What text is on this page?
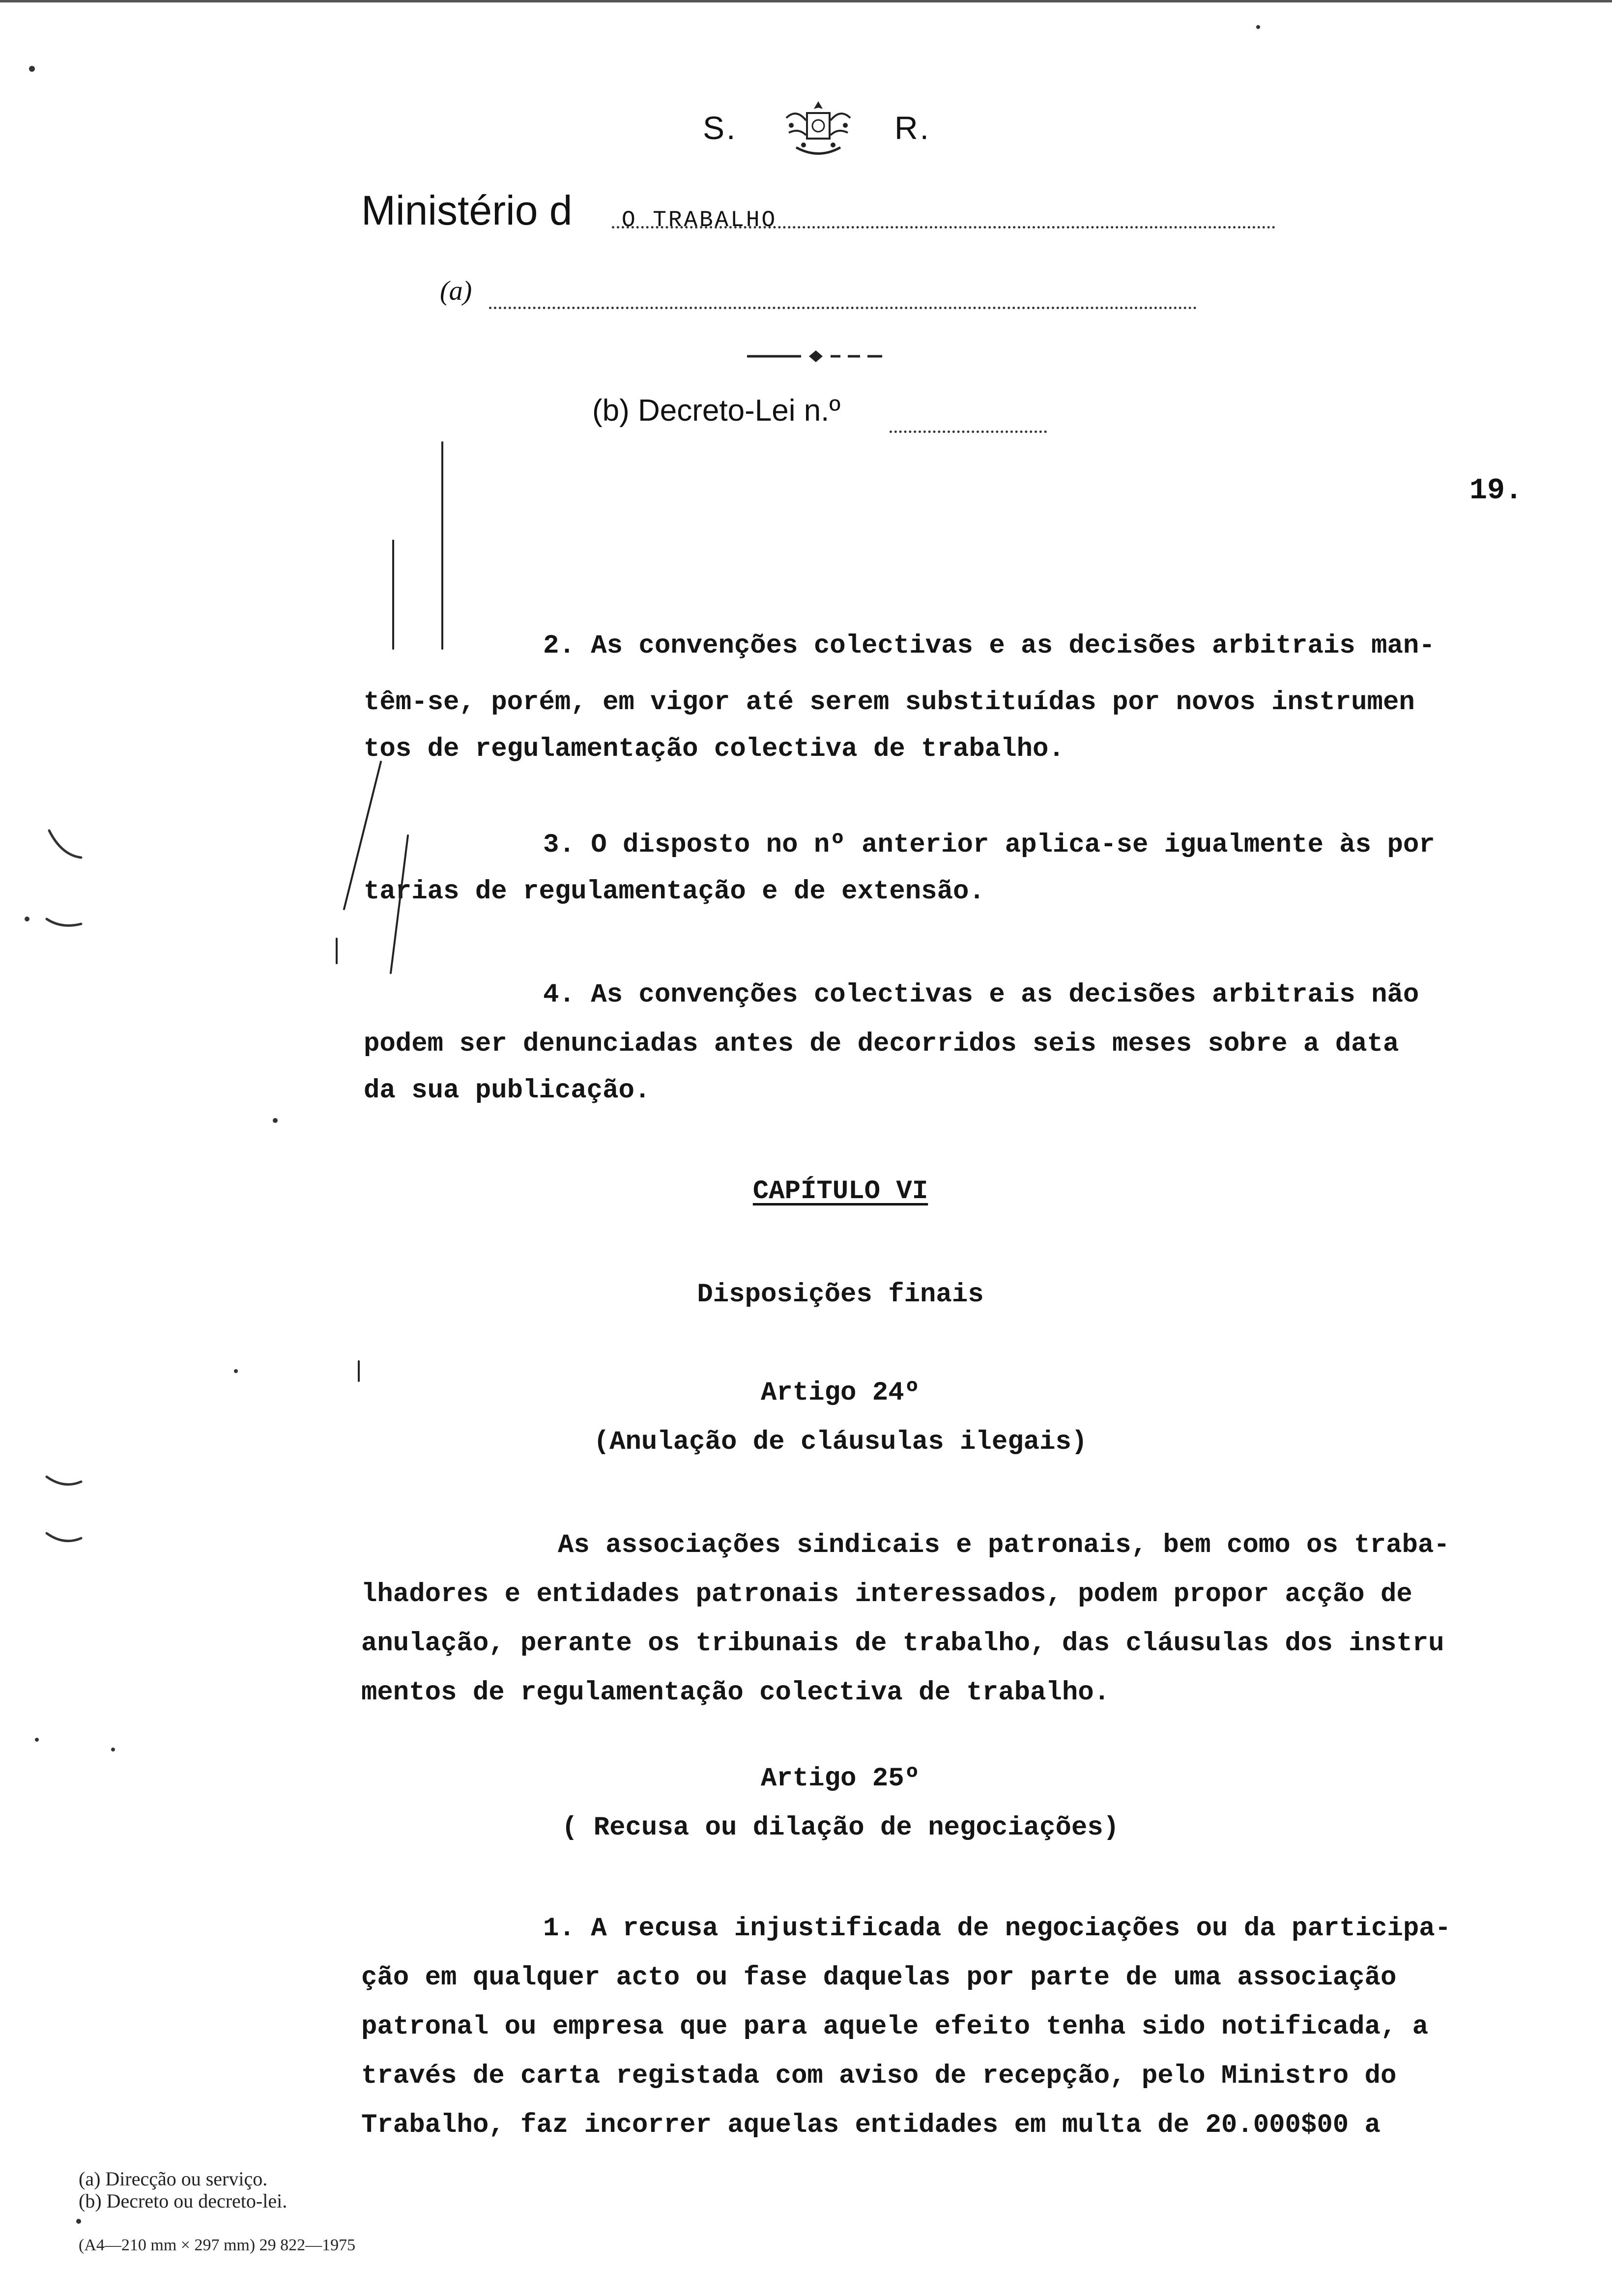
S.	R.
Ministério d O TRABALHO
(a)
(b) Decreto-Lei n.º
19.
2. As convenções colectivas e as decisões arbitrais man-
têm-se, porém, em vigor até serem substituídas por novos instrumen
tos de regulamentação colectiva de trabalho.
3. O disposto no nº anterior aplica-se igualmente às por
tarias de regulamentação e de extensão.
4. As convenções colectivas e as decisões arbitrais não
podem ser denunciadas antes de decorridos seis meses sobre a data
da sua publicação.
CAPÍTULO VI
Disposições finais
Artigo 24º
(Anulação de cláusulas ilegais)
As associações sindicais e patronais, bem como os traba-
lhadores e entidades patronais interessados, podem propor acção de
anulação, perante os tribunais de trabalho, das cláusulas dos instru
mentos de regulamentação colectiva de trabalho.
Artigo 25º
( Recusa ou dilação de negociações)
1. A recusa injustificada de negociações ou da participa-
ção em qualquer acto ou fase daquelas por parte de uma associação
patronal ou empresa que para aquele efeito tenha sido notificada, a
través de carta registada com aviso de recepção, pelo Ministro do
Trabalho, faz incorrer aquelas entidades em multa de 20.000$00 a
(a) Direcção ou serviço.
(b) Decreto ou decreto-lei.
(A4—210 mm × 297 mm) 29 822—1975
